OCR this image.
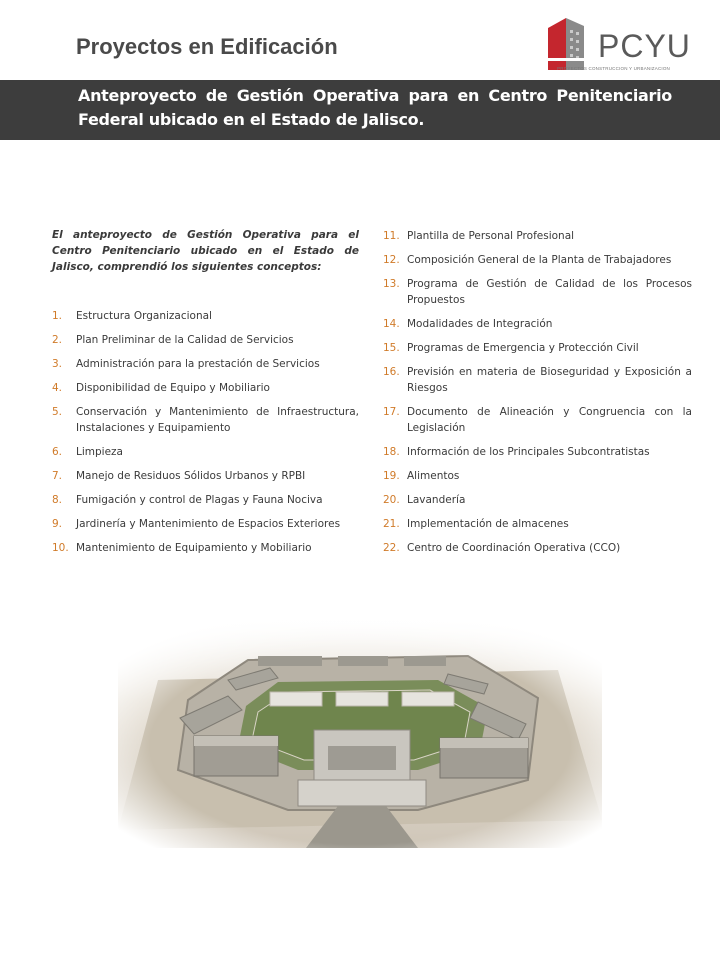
Proyectos en Edificación	PCYU
PROYECTOS CONSTRUCCION Y URBANIZACION
Anteproyecto de Gestión Operativa para en Centro Penitenciario Federal ubicado en el Estado de Jalisco.

El anteproyecto de Gestión Operativa para el Centro Penitenciario ubicado en el Estado de Jalisco, comprendió los siguientes conceptos:

1. Estructura Organizacional
2. Plan Preliminar de la Calidad de Servicios
3. Administración para la prestación de Servicios
4. Disponibilidad de Equipo y Mobiliario
5. Conservación y Mantenimiento de Infraestructura, Instalaciones y Equipamiento
6. Limpieza
7. Manejo de Residuos Sólidos Urbanos y RPBI
8. Fumigación y control de Plagas y Fauna Nociva
9. Jardinería y Mantenimiento de Espacios Exteriores
10. Mantenimiento de Equipamiento y Mobiliario
11. Plantilla de Personal Profesional
12. Composición General de la Planta de Trabajadores
13. Programa de Gestión de Calidad de los Procesos Propuestos
14. Modalidades de Integración
15. Programas de Emergencia y Protección Civil
16. Previsión en materia de Bioseguridad y Exposición a Riesgos
17. Documento de Alineación y Congruencia con la Legislación
18. Información de los Principales Subcontratistas
19. Alimentos
20. Lavandería
21. Implementación de almacenes
22. Centro de Coordinación Operativa (CCO)
